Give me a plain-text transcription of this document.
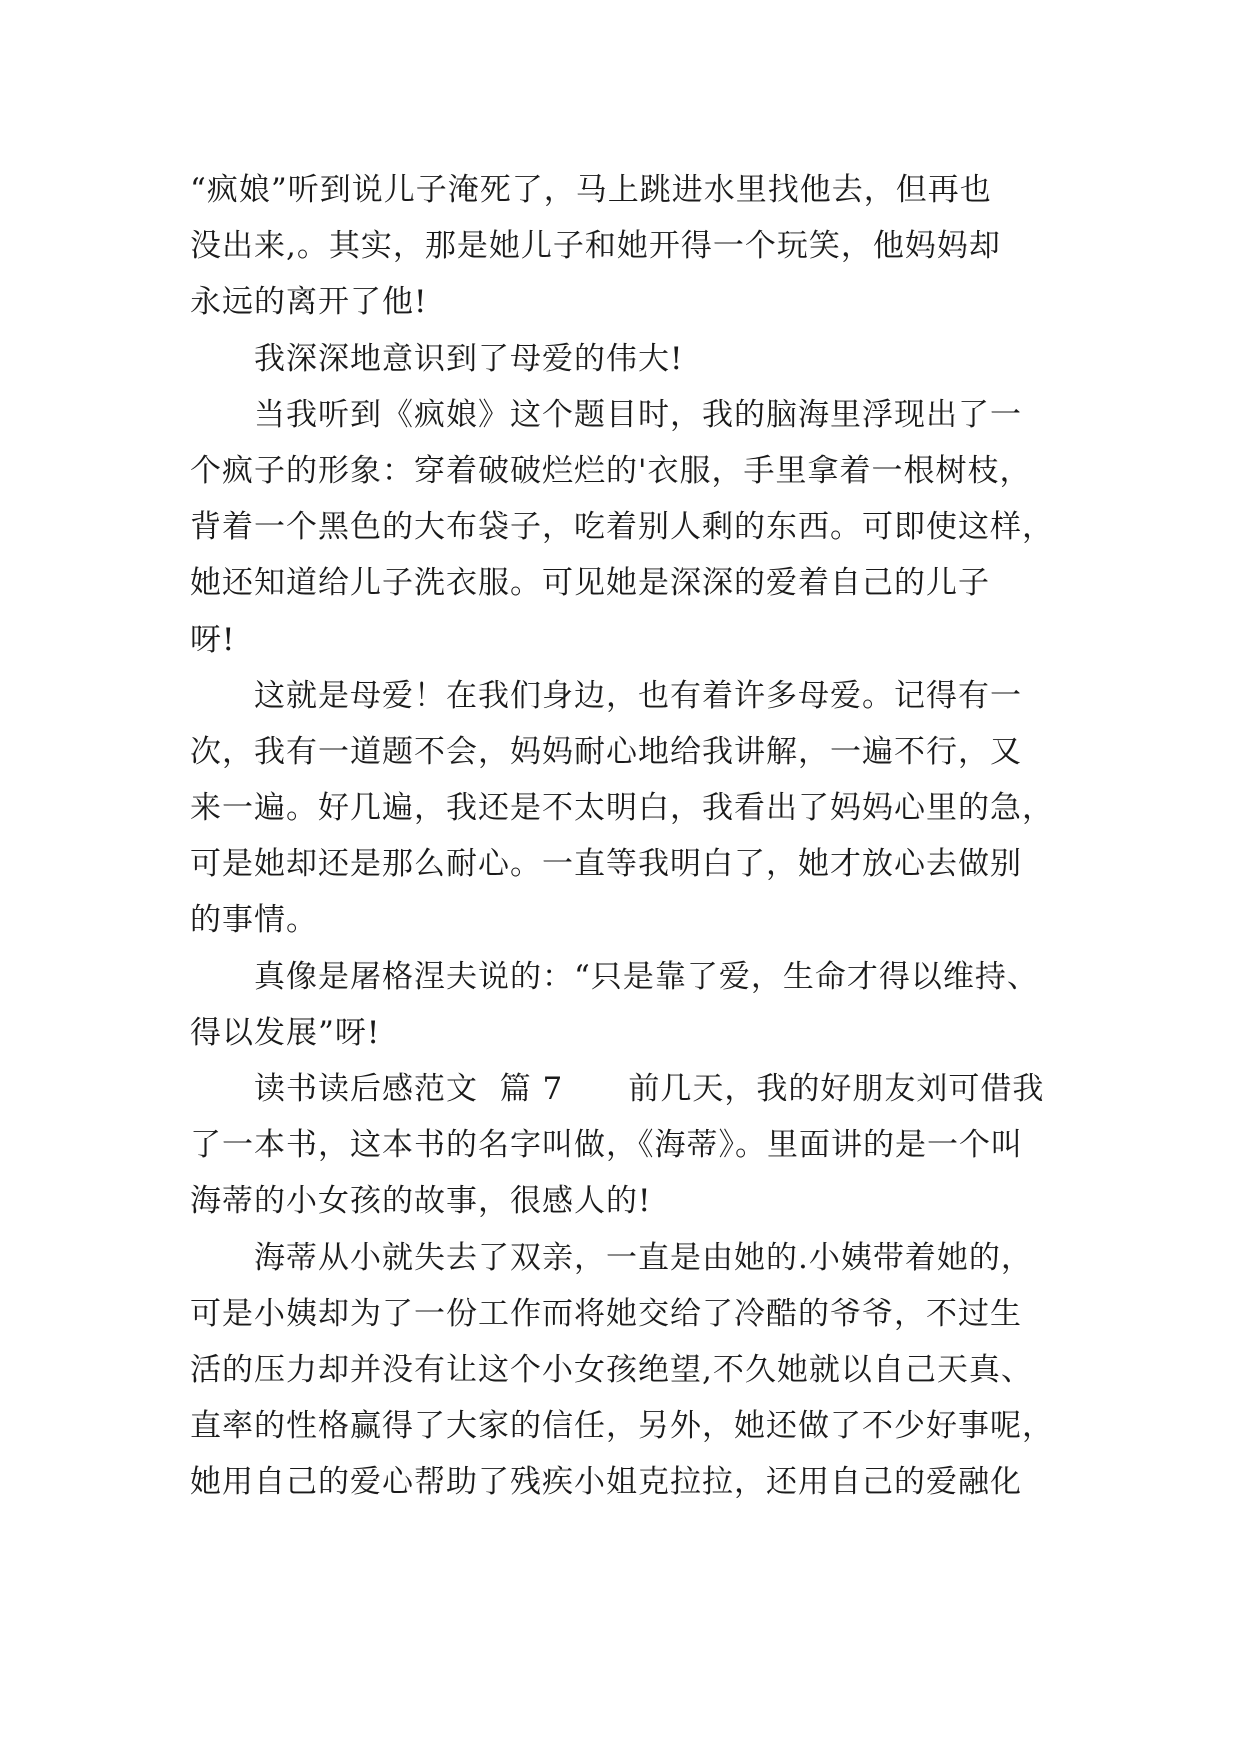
“疯娘”听到说儿子淹死了，马上跳进水里找他去，但再也
没出来,。其实，那是她儿子和她开得一个玩笑，他妈妈却
永远的离开了他!
我深深地意识到了母爱的伟大!
当我听到《疯娘》这个题目时，我的脑海里浮现出了一
个疯子的形象：穿着破破烂烂的'衣服，手里拿着一根树枝，
背着一个黑色的大布袋子，吃着别人剩的东西。可即使这样，
她还知道给儿子洗衣服。可见她是深深的爱着自己的儿子
呀!
这就是母爱！在我们身边，也有着许多母爱。记得有一
次，我有一道题不会，妈妈耐心地给我讲解，一遍不行，又
来一遍。好几遍，我还是不太明白，我看出了妈妈心里的急，
可是她却还是那么耐心。一直等我明白了，她才放心去做别
的事情。
真像是屠格涅夫说的：“只是靠了爱，生命才得以维持、
得以发展”呀!
读书读后感范文  篇 7      前几天，我的好朋友刘可借我
了一本书，这本书的名字叫做，《海蒂》。里面讲的是一个叫
海蒂的小女孩的故事，很感人的!
海蒂从小就失去了双亲，一直是由她的.小姨带着她的，
可是小姨却为了一份工作而将她交给了冷酷的爷爷，不过生
活的压力却并没有让这个小女孩绝望,不久她就以自己天真、
直率的性格赢得了大家的信任，另外，她还做了不少好事呢，
她用自己的爱心帮助了残疾小姐克拉拉，还用自己的爱融化
